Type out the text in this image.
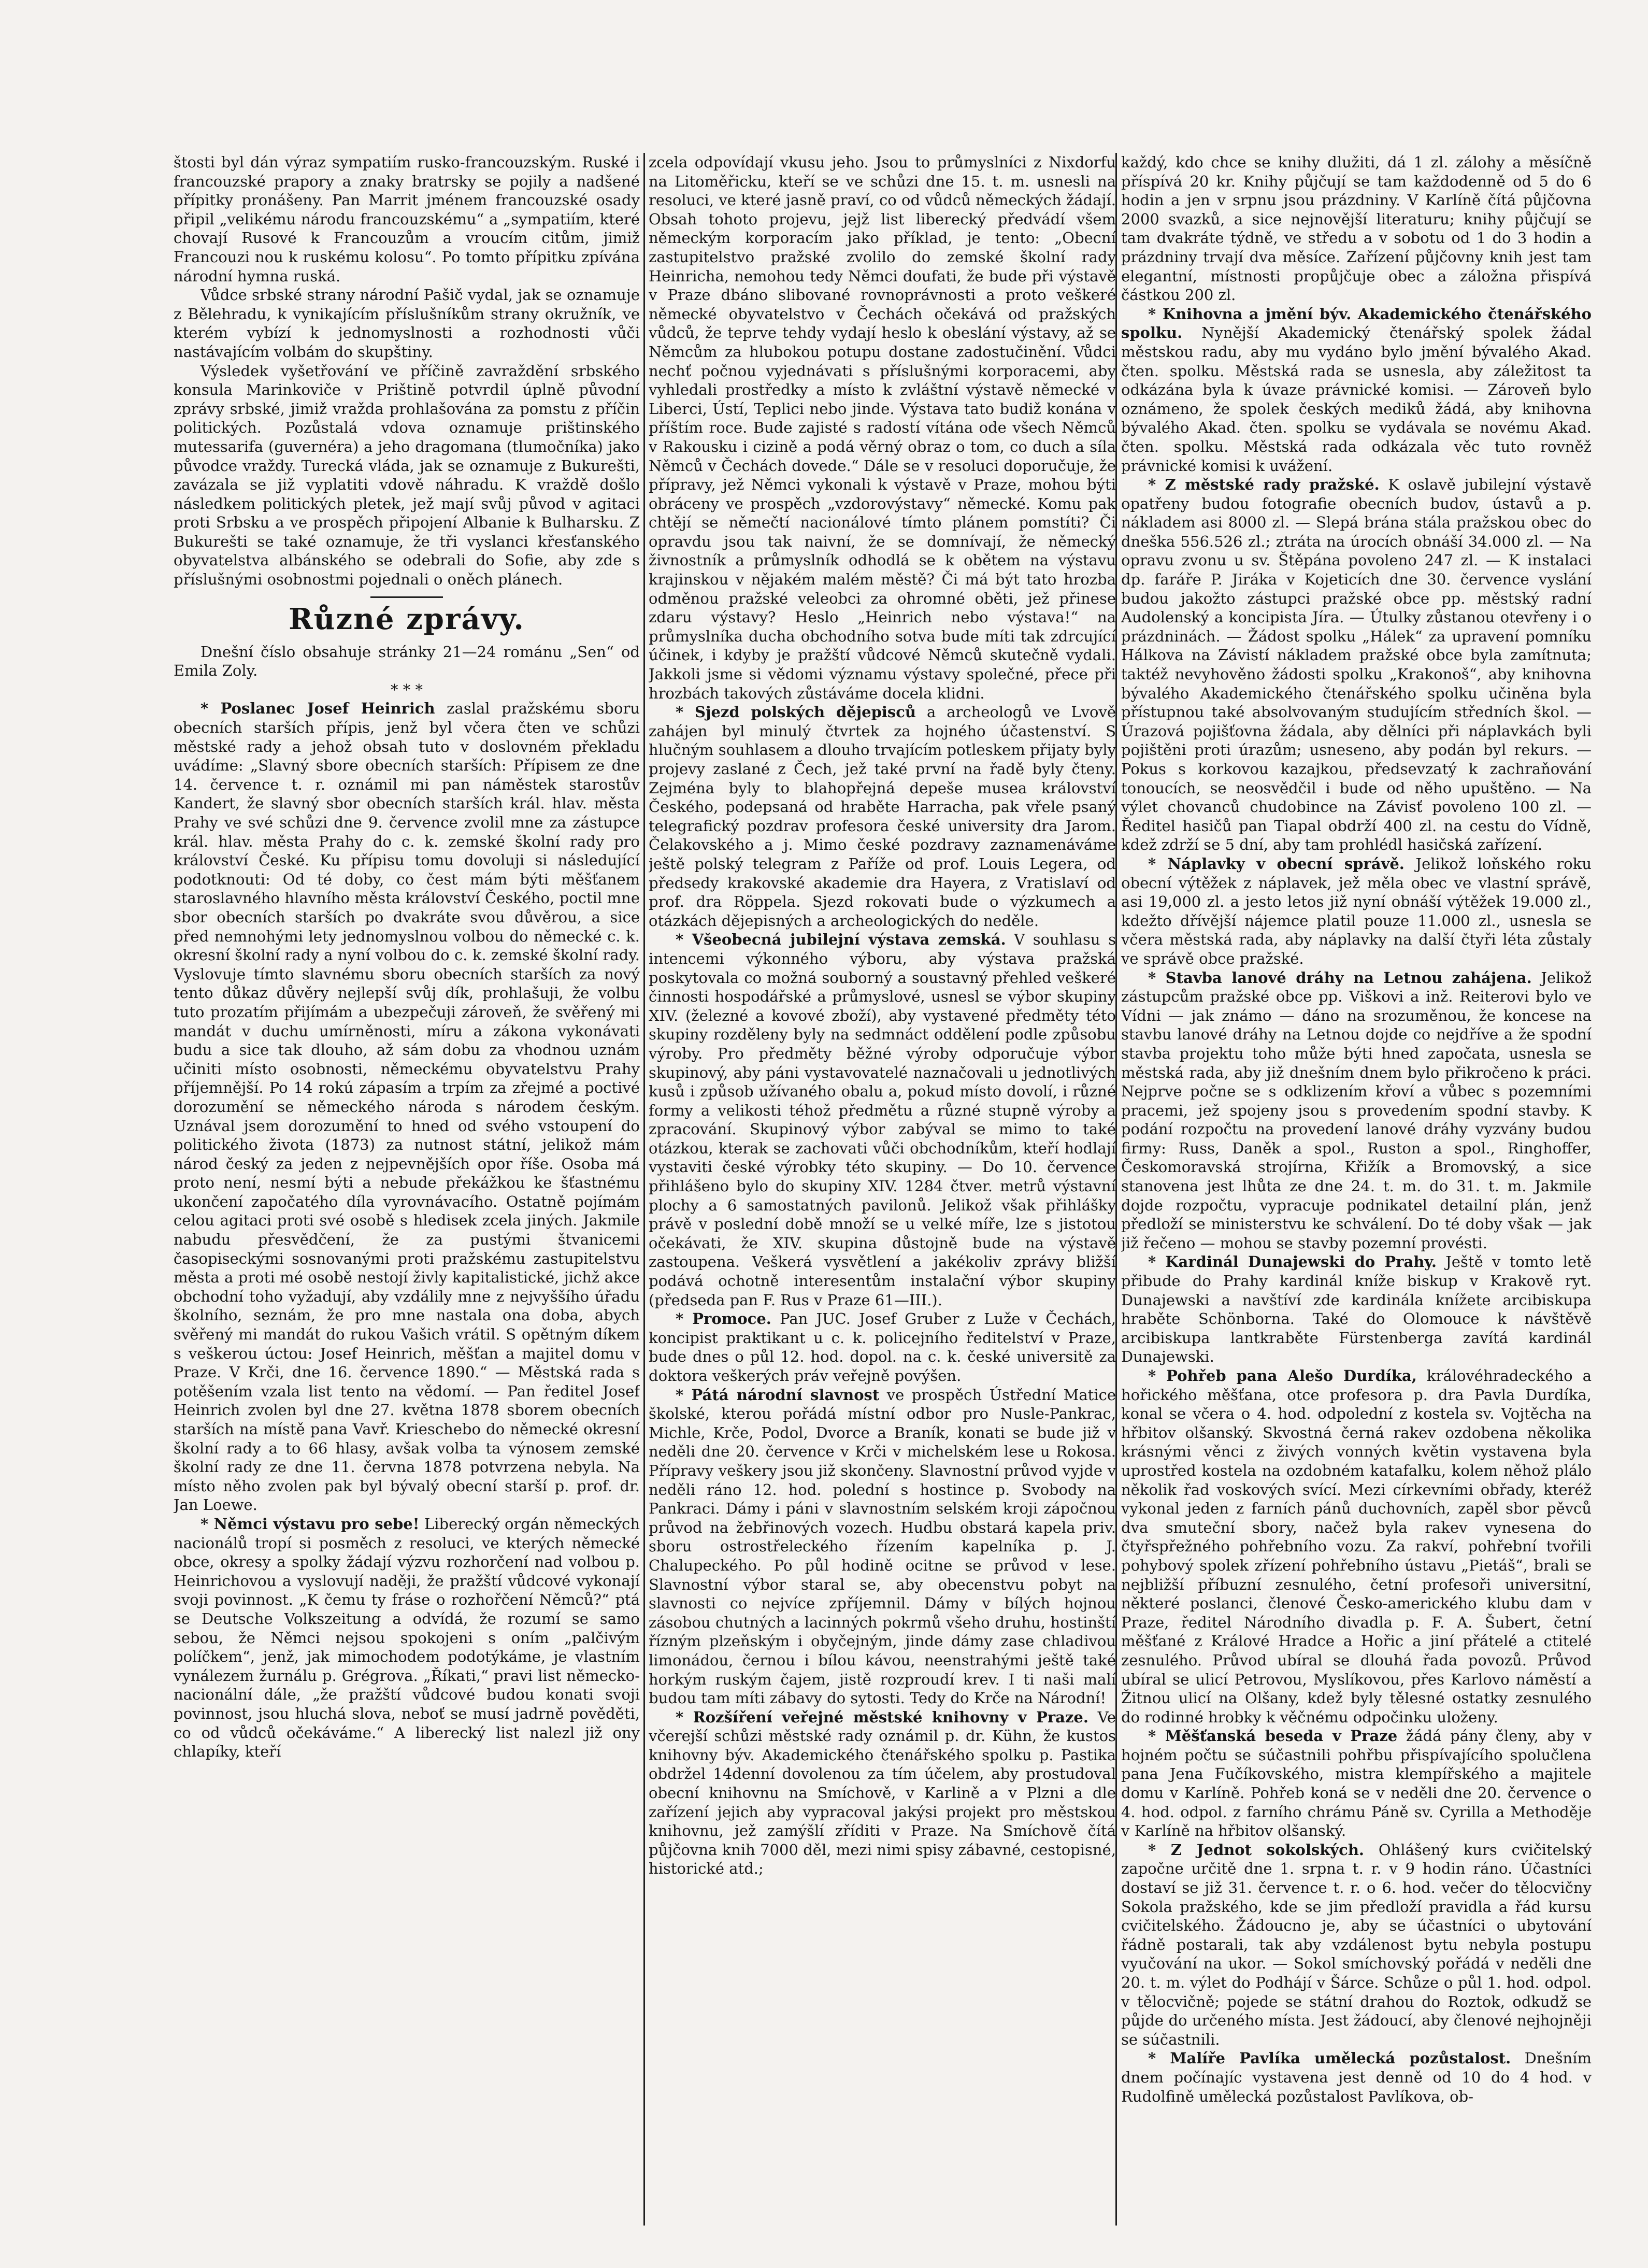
štosti byl dán výraz sympatiím rusko-francouzským. Ruské i francouzské prapory a znaky bratrsky se pojily a nadšené přípitky pronášeny. Pan Marrit jménem francouzské osady připil „velikému národu francouzskému“ a „sympatiím, které chovají Rusové k Francouzům a vroucím citům, jimiž Francouzi nou k ruskému kolosu“. Po tomto přípitku zpívána národní hymna ruská.

Vůdce srbské strany národní Pašič vydal, jak se oznamuje z Bělehradu, k vynikajícím příslušníkům strany okružník, ve kterém vybízí k jednomyslnosti a rozhodnosti vůči nastávajícím volbám do skupštiny.

Výsledek vyšetřování ve příčině zavraždění srbského konsula Marinkoviče v Prištině potvrdil úplně původní zprávy srbské, jimiž vražda prohlašována za pomstu z příčin politických. Pozůstalá vdova oznamuje prištinského mutessarifa (guvernéra) a jeho dragomana (tlumočníka) jako původce vraždy. Turecká vláda, jak se oznamuje z Bukurešti, zavázala se již vyplatiti vdově náhradu. K vraždě došlo následkem politických pletek, jež mají svůj původ v agitaci proti Srbsku a ve prospěch připojení Albanie k Bulharsku. Z Bukurešti se také oznamuje, že tři vyslanci křesťanského obyvatelstva albánského se odebrali do Sofie, aby zde s příslušnými osobnostmi pojednali o oněch plánech.

Různé zprávy.

Dnešní číslo obsahuje stránky 21—24 románu „Sen“ od Emila Zoly.

* * *

* Poslanec Josef Heinrich zaslal pražskému sboru obecních starších přípis, jenž byl včera čten ve schůzi městské rady a jehož obsah tuto v doslovném překladu uvádíme: „Slavný sbore obecních starších: Přípisem ze dne 14. července t. r. oznámil mi pan náměstek starostův Kandert, že slavný sbor obecních starších král. hlav. města Prahy ve své schůzi dne 9. července zvolil mne za zástupce král. hlav. města Prahy do c. k. zemské školní rady pro království České. Ku přípisu tomu dovoluji si následující podotknouti: Od té doby, co čest mám býti měšťanem staroslavného hlavního města království Českého, poctil mne sbor obecních starších po dvakráte svou důvěrou, a sice před nemnohými lety jednomyslnou volbou do německé c. k. okresní školní rady a nyní volbou do c. k. zemské školní rady. Vyslovuje tímto slavnému sboru obecních starších za nový tento důkaz důvěry nejlepší svůj dík, prohlašuji, že volbu tuto prozatím přijímám a ubezpečuji zároveň, že svěřený mi mandát v duchu umírněnosti, míru a zákona vykonávati budu a sice tak dlouho, až sám dobu za vhodnou uznám učiniti místo osobnosti, německému obyvatelstvu Prahy příjemnější. Po 14 rokú zápasím a trpím za zřejmé a poctivé dorozumění se německého národa s národem českým. Uznával jsem dorozumění to hned od svého vstoupení do politického života (1873) za nutnost státní, jelikož mám národ český za jeden z nejpevnějších opor říše. Osoba má proto není, nesmí býti a nebude překážkou ke šťastnému ukončení započatého díla vyrovnávacího. Ostatně pojímám celou agitaci proti své osobě s hledisek zcela jiných. Jakmile nabudu přesvědčení, že za pustými štvanicemi časopiseckými sosnovanými proti pražskému zastupitelstvu města a proti mé osobě nestojí živly kapitalistické, jichž akce obchodní toho vyžadují, aby vzdálily mne z nejvyššího úřadu školního, seznám, že pro mne nastala ona doba, abych svěřený mi mandát do rukou Vašich vrátil. S opětným díkem s veškerou úctou: Josef Heinrich, měšťan a majitel domu v Praze. V Krči, dne 16. července 1890.“ — Městská rada s potěšením vzala list tento na vědomí. — Pan ředitel Josef Heinrich zvolen byl dne 27. května 1878 sborem obecních starších na místě pana Vavř. Krieschebo do německé okresní školní rady a to 66 hlasy, avšak volba ta výnosem zemské školní rady ze dne 11. června 1878 potvrzena nebyla. Na místo něho zvolen pak byl bývalý obecní starší p. prof. dr. Jan Loewe.

* Němci výstavu pro sebe! Liberecký orgán německých nacionálů tropí si posměch z resoluci, ve kterých německé obce, okresy a spolky žádají výzvu rozhorčení nad volbou p. Heinrichovou a vyslovují naději, že pražští vůdcové vykonají svoji povinnost. „K čemu ty fráse o rozhořčení Němců?“ ptá se Deutsche Volkszeitung a odvídá, že rozumí se samo sebou, že Němci nejsou spokojeni s oním „palčivým políčkem“, jenž, jak mimochodem podotýkáme, je vlastním vynálezem žurnálu p. Grégrova. „Říkati,“ pravi list německo-nacionální dále, „že pražští vůdcové budou konati svoji povinnost, jsou hluchá slova, neboť se musí jadrně pověděti, co od vůdců očekáváme.“ A liberecký list nalezl již ony chlapíky, kteří

zcela odpovídají vkusu jeho. Jsou to průmyslníci z Nixdorfu na Litoměřicku, kteří se ve schůzi dne 15. t. m. usnesli na resoluci, ve které jasně praví, co od vůdců německých žádají. Obsah tohoto projevu, jejž list liberecký předvádí všem německým korporacím jako příklad, je tento: „Obecní zastupitelstvo pražské zvolilo do zemské školní rady Heinricha, nemohou tedy Němci doufati, že bude při výstavě v Praze dbáno slibované rovnoprávnosti a proto veškeré německé obyvatelstvo v Čechách očekává od pražských vůdců, že teprve tehdy vydají heslo k obeslání výstavy, až se Němcům za hlubokou potupu dostane zadostučinění. Vůdci nechť počnou vyjednávati s příslušnými korporacemi, aby vyhledali prostředky a místo k zvláštní výstavě německé v Liberci, Ústí, Teplici nebo jinde. Výstava tato budiž konána v příštím roce. Bude zajisté s radostí vítána ode všech Němců v Rakousku i cizině a podá věrný obraz o tom, co duch a síla Němců v Čechách dovede.“ Dále se v resoluci doporučuje, že přípravy, jež Němci vykonali k výstavě v Praze, mohou býti obráceny ve prospěch „vzdorovýstavy“ německé. Komu pak chtějí se němečtí nacionálové tímto plánem pomstíti? Či opravdu jsou tak naivní, že se domnívají, že německý živnostník a průmyslník odhodlá se k obětem na výstavu krajinskou v nějakém malém městě? Či má být tato hrozba odměnou pražské veleobci za ohromné oběti, jež přinese zdaru výstavy? Heslo „Heinrich nebo výstava!“ na průmyslníka ducha obchodního sotva bude míti tak zdrcující účinek, i kdyby je pražští vůdcové Němců skutečně vydali. Jakkoli jsme si vědomi významu výstavy společné, přece při hrozbách takových zůstáváme docela klidni.

* Sjezd polských dějepisců a archeologů ve Lvově zahájen byl minulý čtvrtek za hojného účastenství. S hlučným souhlasem a dlouho trvajícím potleskem přijaty byly projevy zaslané z Čech, jež také první na řadě byly čteny. Zejména byly to blahopřejná depeše musea království Českého, podepsaná od hraběte Harracha, pak vřele psaný telegrafický pozdrav profesora české university dra Jarom. Čelakovského a j. Mimo české pozdravy zaznamenáváme ještě polský telegram z Paříže od prof. Louis Legera, od předsedy krakovské akademie dra Hayera, z Vratislaví od prof. dra Röppela. Sjezd rokovati bude o výzkumech a otázkách dějepisných a archeologických do neděle.

* Všeobecná jubilejní výstava zemská. V souhlasu s intencemi výkonného výboru, aby výstava pražská poskytovala co možná souborný a soustavný přehled veškeré činnosti hospodářské a průmyslové, usnesl se výbor skupiny XIV. (železné a kovové zboží), aby vystavené předměty této skupiny rozděleny byly na sedmnáct oddělení podle způsobu výroby. Pro předměty běžné výroby odporučuje výbor skupinový, aby páni vystavovatelé naznačovali u jednotlivých kusů i způsob užívaného obalu a, pokud místo dovolí, i různé formy a velikosti téhož předmětu a různé stupně výroby a zpracování. Skupinový výbor zabýval se mimo to také otázkou, kterak se zachovati vůči obchodníkům, kteří hodlají vystaviti české výrobky této skupiny. — Do 10. července přihlášeno bylo do skupiny XIV. 1284 čtver. metrů výstavní plochy a 6 samostatných pavilonů. Jelikož však přihlášky právě v poslední době množí se u velké míře, lze s jistotou očekávati, že XIV. skupina důstojně bude na výstavě zastoupena. Veškerá vysvětlení a jakékoliv zprávy bližší podává ochotně interesentům instalační výbor skupiny (předseda pan F. Rus v Praze 61—III.).

* Promoce. Pan JUC. Josef Gruber z Luže v Čechách, koncipist praktikant u c. k. policejního ředitelství v Praze, bude dnes o půl 12. hod. dopol. na c. k. české universitě za doktora veškerých práv veřejně povýšen.

* Pátá národní slavnost ve prospěch Ústřední Matice školské, kterou pořádá místní odbor pro Nusle-Pankrac, Michle, Krče, Podol, Dvorce a Braník, konati se bude již v neděli dne 20. července v Krči v michelském lese u Rokosa. Přípravy veškery jsou již skončeny. Slavnostní průvod vyjde v neděli ráno 12. hod. polední s hostince p. Svobody na Pankraci. Dámy i páni v slavnostním selském kroji zápočnou průvod na žebřinových vozech. Hudbu obstará kapela priv. sboru ostrostřeleckého řízením kapelníka p. J. Chalupeckého. Po půl hodině ocitne se průvod v lese. Slavnostní výbor staral se, aby obecenstvu pobyt na slavnosti co nejvíce zpříjemnil. Dámy v bílých hojnou zásobou chutných a lacinných pokrmů všeho druhu, hostinští řízným plzeňským i obyčejným, jinde dámy zase chladivou limonádou, černou i bílou kávou, neenstrahými ještě také horkým ruským čajem, jistě rozproudí krev. I ti naši malí budou tam míti zábavy do sytosti. Tedy do Krče na Národní!

* Rozšíření veřejné městské knihovny v Praze. Ve včerejší schůzi městské rady oznámil p. dr. Kühn, že kustos knihovny býv. Akademického čtenářského spolku p. Pastika obdržel 14denní dovolenou za tím účelem, aby prostudoval obecní knihovnu na Smíchově, v Karlině a v Plzni a dle zařízení jejich aby vypracoval jakýsi projekt pro městskou knihovnu, jež zamýšlí zříditi v Praze. Na Smíchově čítá půjčovna knih 7000 děl, mezi nimi spisy zábavné, cestopisné, historické atd.;

každý, kdo chce se knihy dlužiti, dá 1 zl. zálohy a měsíčně příspívá 20 kr. Knihy půjčují se tam každodenně od 5 do 6 hodin a jen v srpnu jsou prázdniny. V Karlíně čítá půjčovna 2000 svazků, a sice nejnovější literaturu; knihy půjčují se tam dvakráte týdně, ve středu a v sobotu od 1 do 3 hodin a prázdniny trvají dva měsíce. Zařízení půjčovny knih jest tam elegantní, místnosti propůjčuje obec a záložna přispívá částkou 200 zl.

* Knihovna a jmění býv. Akademického čtenářského spolku. Nynější Akademický čtenářský spolek žádal městskou radu, aby mu vydáno bylo jmění bývalého Akad. čten. spolku. Městská rada se usnesla, aby záležitost ta odkázána byla k úvaze právnické komisi. — Zároveň bylo oznámeno, že spolek českých mediků žádá, aby knihovna bývalého Akad. čten. spolku se vydávala se novému Akad. čten. spolku. Městská rada odkázala věc tuto rovněž právnické komisi k uvážení.

* Z městské rady pražské. K oslavě jubilejní výstavě opatřeny budou fotografie obecních budov, ústavů a p. nákladem asi 8000 zl. — Slepá brána stála pražskou obec do dneška 556.526 zl.; ztráta na úrocích obnáší 34.000 zl. — Na opravu zvonu u sv. Štěpána povoleno 247 zl. — K instalaci dp. faráře P. Jiráka v Kojeticích dne 30. července vyslání budou jakožto zástupci pražské obce pp. městský radní Audolenský a koncipista Jíra. — Útulky zůstanou otevřeny i o prázdninách. — Žádost spolku „Hálek“ za upravení pomníku Hálkova na Závistí nákladem pražské obce byla zamítnuta; taktéž nevyhověno žádosti spolku „Krakonoš“, aby knihovna bývalého Akademického čtenářského spolku učiněna byla přístupnou také absolvovaným studujícím středních škol. — Úrazová pojišťovna žádala, aby dělníci při náplavkách byli pojištěni proti úrazům; usneseno, aby podán byl rekurs. — Pokus s korkovou kazajkou, předsevzatý k zachraňování tonoucích, se neosvědčil i bude od něho upuštěno. — Na výlet chovanců chudobince na Závisť povoleno 100 zl. — Ředitel hasičů pan Tiapal obdrží 400 zl. na cestu do Vídně, kdež zdrží se 5 dní, aby tam prohlédl hasičská zařízení.

* Náplavky v obecní správě. Jelikož loňského roku obecní výtěžek z náplavek, jež měla obec ve vlastní správě, asi 19,000 zl. a jesto letos již nyní obnáší výtěžek 19.000 zl., kdežto dřívější nájemce platil pouze 11.000 zl., usnesla se včera městská rada, aby náplavky na další čtyři léta zůstaly ve správě obce pražské.

* Stavba lanové dráhy na Letnou zahájena. Jelikož zástupcům pražské obce pp. Viškovi a inž. Reiterovi bylo ve Vídni — jak známo — dáno na srozuměnou, že koncese na stavbu lanové dráhy na Letnou dojde co nejdříve a že spodní stavba projektu toho může býti hned započata, usnesla se městská rada, aby již dnešním dnem bylo přikročeno k práci. Nejprve počne se s odklizením křoví a vůbec s pozemními pracemi, jež spojeny jsou s provedením spodní stavby. K podání rozpočtu na provedení lanové dráhy vyzvány budou firmy: Russ, Daněk a spol., Ruston a spol., Ringhoffer, Českomoravská strojírna, Křižík a Bromovský, a sice stanovena jest lhůta ze dne 24. t. m. do 31. t. m. Jakmile dojde rozpočtu, vypracuje podnikatel detailní plán, jenž předloží se ministerstvu ke schválení. Do té doby však — jak již řečeno — mohou se stavby pozemní provésti.

* Kardinál Dunajewski do Prahy. Ještě v tomto letě přibude do Prahy kardinál kníže biskup v Krakově ryt. Dunajewski a navštíví zde kardinála knížete arcibiskupa hraběte Schönborna. Také do Olomouce k návštěvě arcibiskupa lantkraběte Fürstenberga zavítá kardinál Dunajewski.

* Pohřeb pana Alešo Durdíka, královéhradeckého a hořického měšťana, otce profesora p. dra Pavla Durdíka, konal se včera o 4. hod. odpolední z kostela sv. Vojtěcha na hřbitov olšanský. Skvostná černá rakev ozdobena několika krásnými věnci z živých vonných květin vystavena byla uprostřed kostela na ozdobném katafalku, kolem něhož plálo několik řad voskových svící. Mezi církevními obřady, kteréž vykonal jeden z farních pánů duchovních, zapěl sbor pěvců dva smuteční sbory, načež byla rakev vynesena do čtyřspřežného pohřebního vozu. Za rakví, pohřební tvořili pohybový spolek zřízení pohřebního ústavu „Pietáš“, brali se nejbližší příbuzní zesnulého, četní profesoři universitní, některé poslanci, členové Česko-amerického klubu dam v Praze, ředitel Národního divadla p. F. A. Šubert, četní měšťané z Králové Hradce a Hořic a jiní přátelé a ctitelé zesnulého. Průvod ubíral se dlouhá řada povozů. Průvod ubíral se ulicí Petrovou, Myslíkovou, přes Karlovo náměstí a Žitnou ulicí na Olšany, kdež byly tělesné ostatky zesnulého do rodinné hrobky k věčnému odpočinku uloženy.

* Měšťanská beseda v Praze žádá pány členy, aby v hojném počtu se súčastnili pohřbu přispívajícího spolučlena pana Jena Fučíkovského, mistra klempířského a majitele domu v Karlíně. Pohřeb koná se v neděli dne 20. července o 4. hod. odpol. z farního chrámu Páně sv. Cyrilla a Methoděje v Karlíně na hřbitov olšanský.

* Z Jednot sokolských. Ohlášený kurs cvičitelský započne určitě dne 1. srpna t. r. v 9 hodin ráno. Účastníci dostaví se již 31. července t. r. o 6. hod. večer do tělocvičny Sokola pražského, kde se jim předloží pravidla a řád kursu cvičitelského. Žádoucno je, aby se účastníci o ubytování řádně postarali, tak aby vzdálenost bytu nebyla postupu vyučování na ukor. — Sokol smíchovský pořádá v neděli dne 20. t. m. výlet do Podhájí v Šárce. Schůze o půl 1. hod. odpol. v tělocvičně; pojede se státní drahou do Roztok, odkudž se půjde do určeného místa. Jest žádoucí, aby členové nejhojněji se súčastnili.

* Malíře Pavlíka umělecká pozůstalost. Dnešním dnem počínajíc vystavena jest denně od 10 do 4 hod. v Rudolfině umělecká pozůstalost Pavlíkova, ob-
